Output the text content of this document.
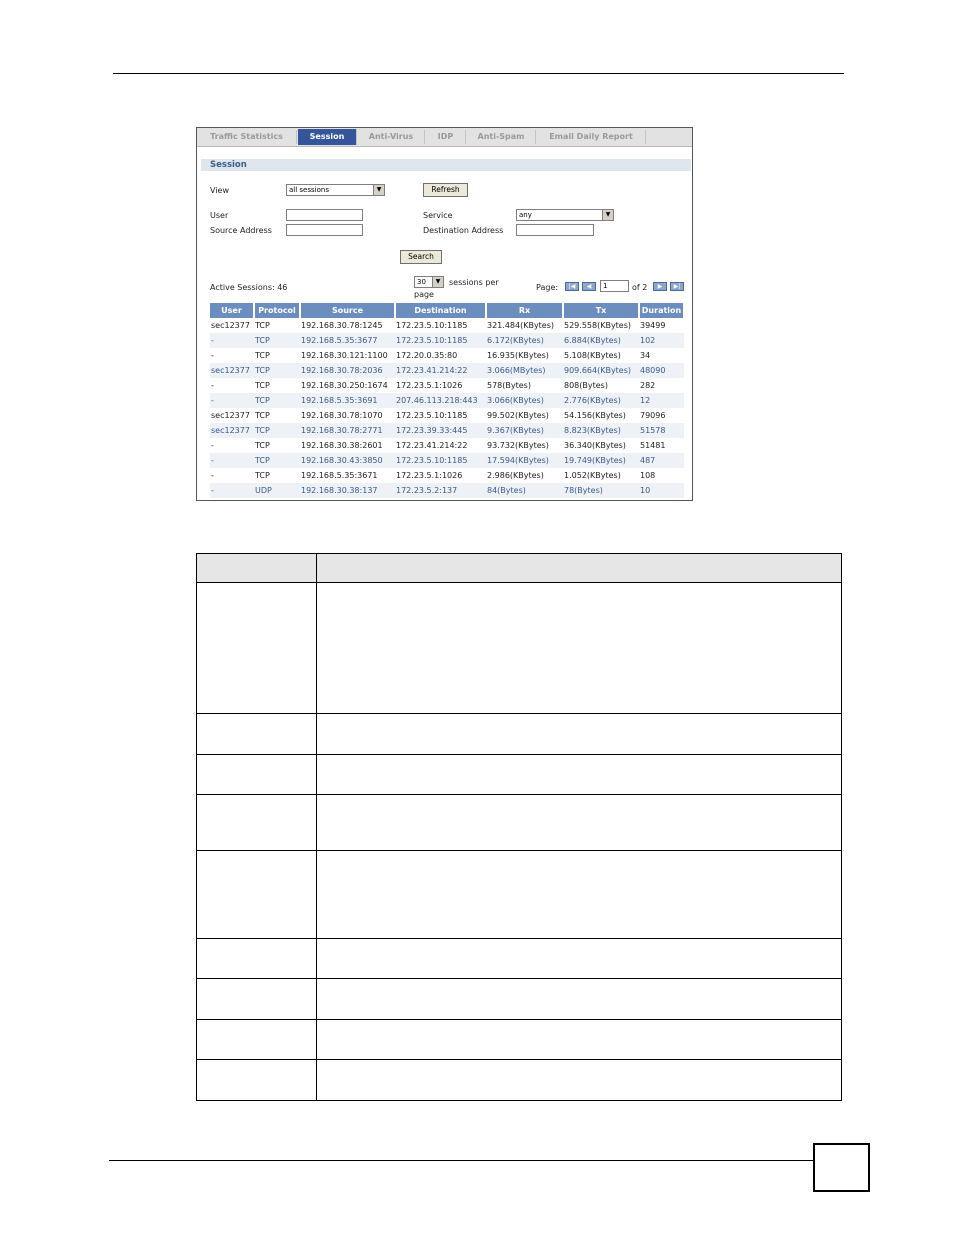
Traffic Statistics	Session	Anti-Virus	IDP	Anti-Spam	Email Daily Report
Session
View	all sessions	▼	Refresh
User	Service	any	▼
Source Address	Destination Address
Search
Active Sessions: 46
30	▼	sessions per
page
Page:	|◀	◀
1	of 2	▶	▶|
User	Protocol	Source	Destination	Rx	Tx	Duration
sec12377	TCP	192.168.30.78:1245	172.23.5.10:1185	321.484(KBytes)	529.558(KBytes)	39499
-	TCP	192.168.5.35:3677	172.23.5.10:1185	6.172(KBytes)	6.884(KBytes)	102
-	TCP	192.168.30.121:1100	172.20.0.35:80	16.935(KBytes)	5.108(KBytes)	34
sec12377	TCP	192.168.30.78:2036	172.23.41.214:22	3.066(MBytes)	909.664(KBytes)	48090
-	TCP	192.168.30.250:1674	172.23.5.1:1026	578(Bytes)	808(Bytes)	282
-	TCP	192.168.5.35:3691	207.46.113.218:443	3.066(KBytes)	2.776(KBytes)	12
sec12377	TCP	192.168.30.78:1070	172.23.5.10:1185	99.502(KBytes)	54.156(KBytes)	79096
sec12377	TCP	192.168.30.78:2771	172.23.39.33:445	9.367(KBytes)	8.823(KBytes)	51578
-	TCP	192.168.30.38:2601	172.23.41.214:22	93.732(KBytes)	36.340(KBytes)	51481
-	TCP	192.168.30.43:3850	172.23.5.10:1185	17.594(KBytes)	19.749(KBytes)	487
-	TCP	192.168.5.35:3671	172.23.5.1:1026	2.986(KBytes)	1.052(KBytes)	108
-	UDP	192.168.30.38:137	172.23.5.2:137	84(Bytes)	78(Bytes)	10
